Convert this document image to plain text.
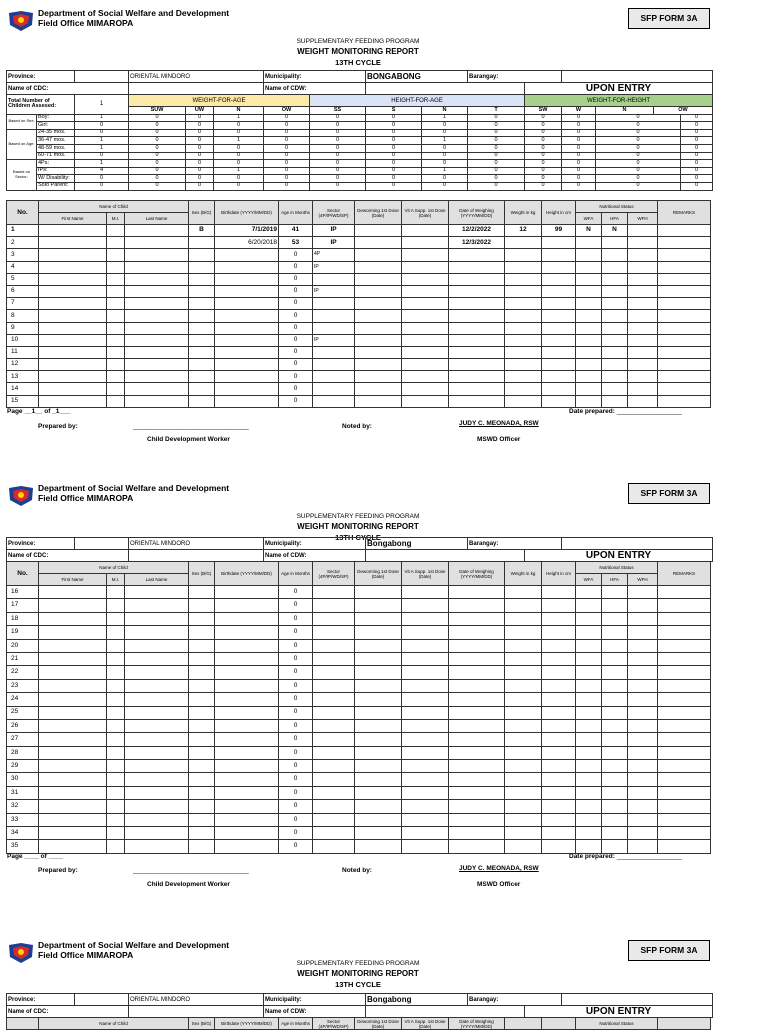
Department of Social Welfare and Development
Field Office MIMAROPA	SFP FORM 3A
SUPPLEMENTARY FEEDING PROGRAM
WEIGHT MONITORING REPORT
13TH CYCLE
Province:			ORIENTAL MINDORO			Municipality:		BONGABONG		Barangay:						
Name of CDC:						Name of CDW:					UPON ENTRY					
Total Number of Children Assesed:		1	WEIGHT-FOR-AGE				HEIGHT-FOR-AGE				WEIGHT-FOR-HEIGHT					
			SUW	UW	N	OW	SS	S	N	T	SW	W	N	OW	
Based on Sex:	Boy:	1	0	0	1	0	0	0	1	0	0	0	0		0	
	Girl:	0	0	0	0	0	0	0	0	0	0	0	0		0	
Based on Age:	24-35 mos.	0	0	0	0	0	0	0	0	0	0	0	0		0	
	36-47 mos.	1	0	0	1	0	0	0	1	0	0	0	0		0	
	48-59 mos.	1	0	0	0	0	0	0	0	0	0	0	0		0	
	60-71 mos.	0	0	0	0	0	0	0	0	0	0	0	0		0	
Based on Sector:	4Ps:	1	0	0	0	0	0	0	0	0	0	0	0		0	
	IPs:	4	0	0	1	0	0	0	1	0	0	0	0		0	
	W/ Disability:	0	0	0	0	0	0	0	0	0	0	0	0		0	
	Solo Parent:	0	0	0	0	0	0	0	0	0	0	0	0		0	
No.	Name of Child			Sex (B/G)	Birthdate (YYYY/MM/DD)	Age in Months	Sector (4P/IP/WD/SP)	Deworming 1st Dose (Date)	Vit A Supp. 1st Dose (Date)	Date of Weighing (YYYY/MM/DD)	Weight in kg	Height in cm	Nutritional Status			REMARKS
	First Name	M.I.	Last Name										WFA	HFA	WFH	
1				B	7/1/2019	41	IP			12/2/2022	12	99	N	N		
2					6/20/2018	53	IP			12/3/2022						
3						0	4P									
4						0	IP									
5						0										
6						0	IP									
7						0										
8						0										
9						0										
10						0	IP									
11						0										
12						0										
13						0										
14						0										
15						0										
Page __1__ of _1___	Date prepared: __________________
Prepared by:	________________________________
Child Development Worker
Noted by:	JUDY C. MEONADA, RSW
MSWD Officer
Department of Social Welfare and Development
Field Office MIMAROPA	SFP FORM 3A
SUPPLEMENTARY FEEDING PROGRAM
WEIGHT MONITORING REPORT
13TH CYCLE
Province:		ORIENTAL MINDORO	Municipality:	Bongabong	Barangay:		
Name of CDC:			Name of CDW:			UPON ENTRY	
No.	Name of Child			Sex (B/G)	Birthdate (YYYY/MM/DD)	Age in Months	Sector (4P/IP/WD/SP)	Deworming 1st Dose (Date)	Vit A Supp. 1st Dose (Date)	Date of Weighing (YYYY/MM/DD)	Weight in kg	Height in cm	Nutritional Status			REMARKS
	First Name	M.I.	Last Name										WFA	HFA	WFH	
16						0										
17						0										
18						0										
19						0										
20						0										
21						0										
22						0										
23						0										
24						0										
25						0										
26						0										
27						0										
28						0										
29						0										
30						0										
31						0										
32						0										
33						0										
34						0										
35						0										
Page ____ of ____	Date prepared: __________________
Prepared by:	________________________________
Child Development Worker
Noted by:	JUDY C. MEONADA, RSW
MSWD Officer
Department of Social Welfare and Development
Field Office MIMAROPA	SFP FORM 3A
SUPPLEMENTARY FEEDING PROGRAM
WEIGHT MONITORING REPORT
13TH CYCLE
Province:		ORIENTAL MINDORO	Municipality:	Bongabong	Barangay:		
Name of CDC:			Name of CDW:			UPON ENTRY	
	Name of Child	Sex (B/G)	Birthdate (YYYY/MM/DD)	Age in Months	Sector (4P/IP/WD/SP)	Deworming 1st Dose (Date)	Vit A Supp. 1st Dose (Date)	Date of Weighing (YYYY/MM/DD)			Nutritional Status	
